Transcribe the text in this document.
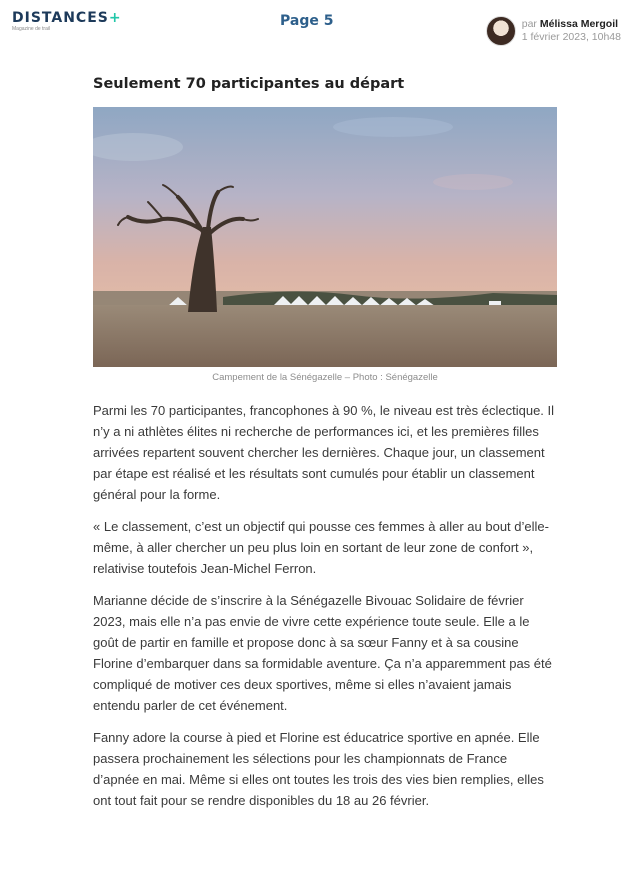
DISTANCES+
Magazine de trail	Page 5	par Mélissa Mergoil
1 février 2023, 10h48
Seulement 70 participantes au départ
Campement de la Sénégazelle – Photo : Sénégazelle

Parmi les 70 participantes, francophones à 90 %, le niveau est très éclectique. Il n’y a ni athlètes élites ni recherche de performances ici, et les premières filles arrivées repartent souvent chercher les dernières. Chaque jour, un classement par étape est réalisé et les résultats sont cumulés pour établir un classement général pour la forme.

« Le classement, c’est un objectif qui pousse ces femmes à aller au bout d’elle-même, à aller chercher un peu plus loin en sortant de leur zone de confort », relativise toutefois Jean-Michel Ferron.

Marianne décide de s’inscrire à la Sénégazelle Bivouac Solidaire de février 2023, mais elle n’a pas envie de vivre cette expérience toute seule. Elle a le goût de partir en famille et propose donc à sa sœur Fanny et à sa cousine Florine d’embarquer dans sa formidable aventure. Ça n’a apparemment pas été compliqué de motiver ces deux sportives, même si elles n’avaient jamais entendu parler de cet événement.

Fanny adore la course à pied et Florine est éducatrice sportive en apnée. Elle passera prochainement les sélections pour les championnats de France d’apnée en mai. Même si elles ont toutes les trois des vies bien remplies, elles ont tout fait pour se rendre disponibles du 18 au 26 février.
